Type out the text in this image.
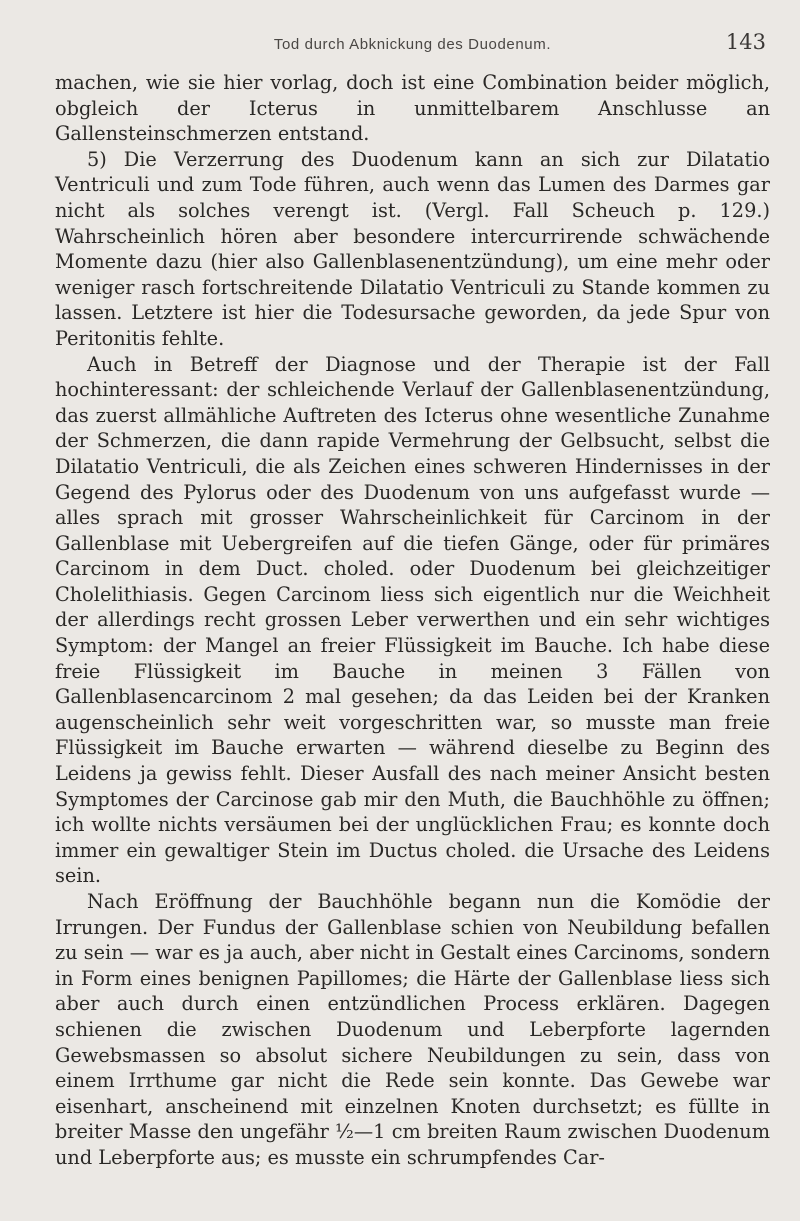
Tod durch Abknickung des Duodenum.	143

machen, wie sie hier vorlag, doch ist eine Combination beider möglich, obgleich der Icterus in unmittelbarem Anschlusse an Gallensteinschmerzen entstand.

5) Die Verzerrung des Duodenum kann an sich zur Dilatatio Ventriculi und zum Tode führen, auch wenn das Lumen des Darmes gar nicht als solches verengt ist. (Vergl. Fall Scheuch p. 129.) Wahrscheinlich hören aber besondere intercurrirende schwächende Momente dazu (hier also Gallenblasenentzündung), um eine mehr oder weniger rasch fortschreitende Dilatatio Ventriculi zu Stande kommen zu lassen. Letztere ist hier die Todesursache geworden, da jede Spur von Peritonitis fehlte.

Auch in Betreff der Diagnose und der Therapie ist der Fall hochinteressant: der schleichende Verlauf der Gallenblasenentzündung, das zuerst allmähliche Auftreten des Icterus ohne wesentliche Zunahme der Schmerzen, die dann rapide Vermehrung der Gelbsucht, selbst die Dilatatio Ventriculi, die als Zeichen eines schweren Hindernisses in der Gegend des Pylorus oder des Duodenum von uns aufgefasst wurde — alles sprach mit grosser Wahrscheinlichkeit für Carcinom in der Gallenblase mit Uebergreifen auf die tiefen Gänge, oder für primäres Carcinom in dem Duct. choled. oder Duodenum bei gleichzeitiger Cholelithiasis. Gegen Carcinom liess sich eigentlich nur die Weichheit der allerdings recht grossen Leber verwerthen und ein sehr wichtiges Symptom: der Mangel an freier Flüssigkeit im Bauche. Ich habe diese freie Flüssigkeit im Bauche in meinen 3 Fällen von Gallenblasencarcinom 2 mal gesehen; da das Leiden bei der Kranken augenscheinlich sehr weit vorgeschritten war, so musste man freie Flüssigkeit im Bauche erwarten — während dieselbe zu Beginn des Leidens ja gewiss fehlt. Dieser Ausfall des nach meiner Ansicht besten Symptomes der Carcinose gab mir den Muth, die Bauchhöhle zu öffnen; ich wollte nichts versäumen bei der unglücklichen Frau; es konnte doch immer ein gewaltiger Stein im Ductus choled. die Ursache des Leidens sein.

Nach Eröffnung der Bauchhöhle begann nun die Komödie der Irrungen. Der Fundus der Gallenblase schien von Neubildung befallen zu sein — war es ja auch, aber nicht in Gestalt eines Carcinoms, sondern in Form eines benignen Papillomes; die Härte der Gallenblase liess sich aber auch durch einen entzündlichen Process erklären. Dagegen schienen die zwischen Duodenum und Leberpforte lagernden Gewebsmassen so absolut sichere Neubildungen zu sein, dass von einem Irrthume gar nicht die Rede sein konnte. Das Gewebe war eisenhart, anscheinend mit einzelnen Knoten durchsetzt; es füllte in breiter Masse den ungefähr ½—1 cm breiten Raum zwischen Duodenum und Leberpforte aus; es musste ein schrumpfendes Car-
